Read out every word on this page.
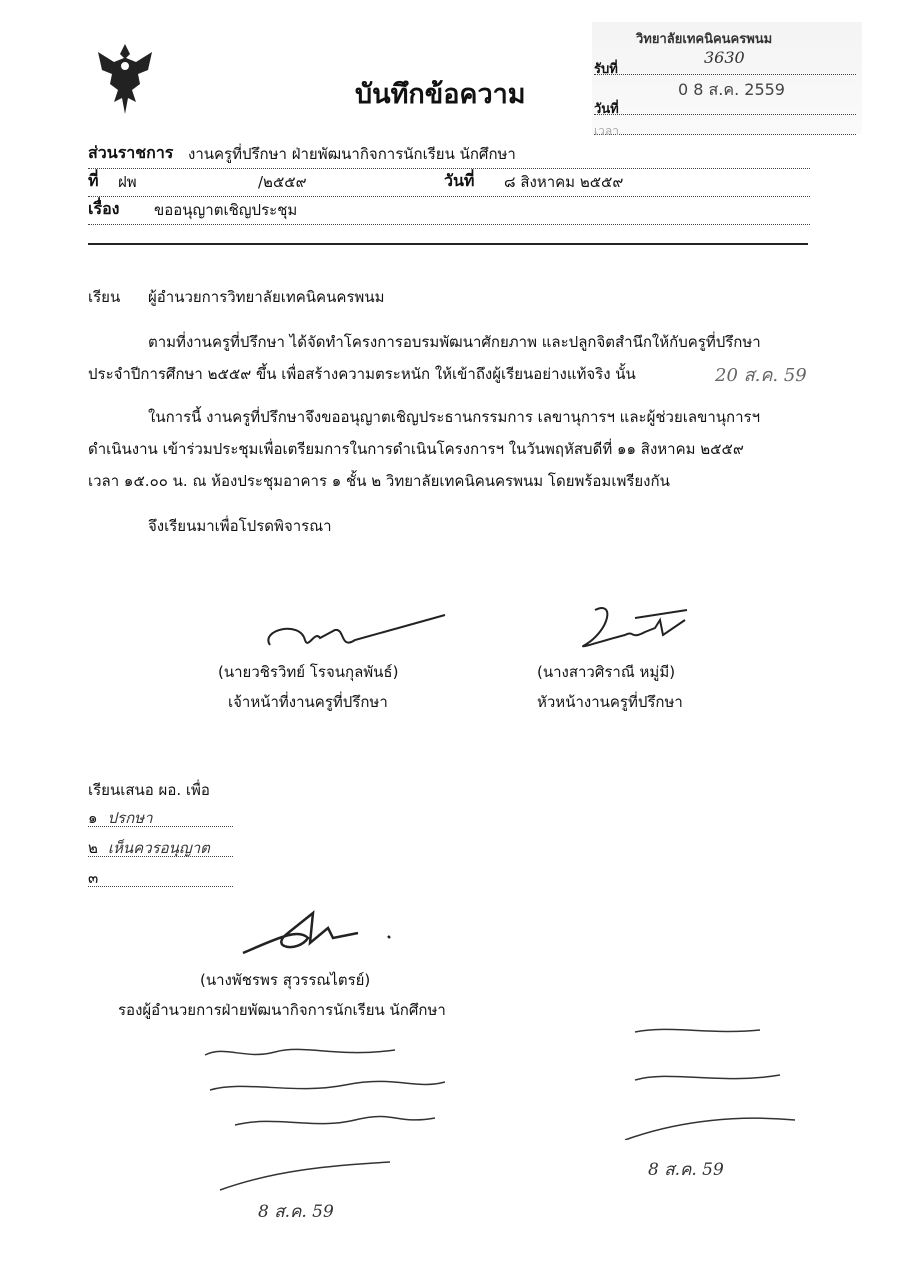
บันทึกข้อความ
วิทยาลัยเทคนิคนครพนม
รับที่
3630
วันที่
0 8 ส.ค. 2559
เวลา
ส่วนราชการ งานครูที่ปรึกษา ฝ่ายพัฒนากิจการนักเรียน นักศึกษา
ที่ ฝพ	/๒๕๕๙	วันที่ ๘ สิงหาคม ๒๕๕๙
เรื่อง ขออนุญาตเชิญประชุม
เรียน ผู้อำนวยการวิทยาลัยเทคนิคนครพนม
ตามที่งานครูที่ปรึกษา ได้จัดทำโครงการอบรมพัฒนาศักยภาพ และปลูกจิตสำนึกให้กับครูที่ปรึกษา
ประจำปีการศึกษา ๒๕๕๙ ขึ้น เพื่อสร้างความตระหนัก ให้เข้าถึงผู้เรียนอย่างแท้จริง นั้น	20 ส.ค. 59
ในการนี้ งานครูที่ปรึกษาจึงขออนุญาตเชิญประธานกรรมการ เลขานุการฯ และผู้ช่วยเลขานุการฯ
ดำเนินงาน เข้าร่วมประชุมเพื่อเตรียมการในการดำเนินโครงการฯ ในวันพฤหัสบดีที่ ๑๑ สิงหาคม ๒๕๕๙
เวลา ๑๕.๐๐ น. ณ ห้องประชุมอาคาร ๑ ชั้น ๒ วิทยาลัยเทคนิคนครพนม โดยพร้อมเพรียงกัน
จึงเรียนมาเพื่อโปรดพิจารณา
(นายวชิรวิทย์ โรจนกุลพันธ์)
เจ้าหน้าที่งานครูที่ปรึกษา
(นางสาวศิราณี หมู่มี)
หัวหน้างานครูที่ปรึกษา
เรียนเสนอ ผอ. เพื่อ
๑ ปรกษา
๒ เห็นควรอนุญาต
๓
(นางพัชรพร สุวรรณไตรย์)
รองผู้อำนวยการฝ่ายพัฒนากิจการนักเรียน นักศึกษา
8 ส.ค. 59
8 ส.ค. 59
